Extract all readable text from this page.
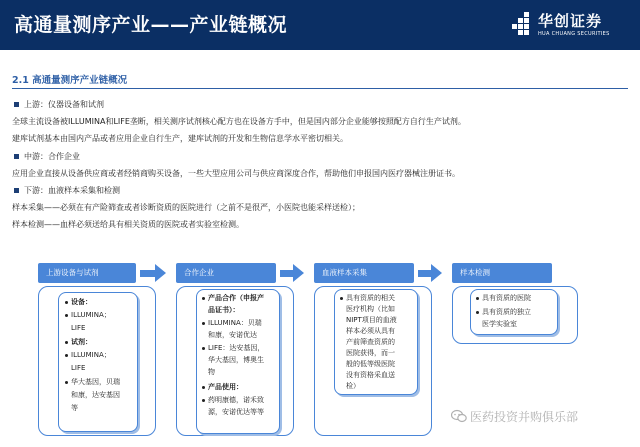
高通量测序产业——产业链概况	华创证券
HUA CHUANG SECURITIES
2.1 高通量测序产业链概况
上游：仪器设备和试剂
全球主流设备被ILLUMINA和LIFE垄断，相关测序试剂核心配方也在设备方手中，但是国内部分企业能够按照配方自行生产试剂。
建库试剂基本由国内产品或者应用企业自行生产，建库试剂的开发和生物信息学水平密切相关。
中游：合作企业
应用企业直接从设备供应商或者经销商购买设备，一些大型应用公司与供应商深度合作，帮助他们申报国内医疗器械注册证书。
下游：血液样本采集和检测
样本采集——必须在有产险筛查或者诊断资质的医院进行（之前不是很严，小医院也能采样送检）；
样本检测——血样必须送给具有相关资质的医院或者实验室检测。
上游设备与试剂
设备：
ILLUMINA；
LIFE
试剂：
ILLUMINA；
LIFE
华大基因，贝瑞
和康，达安基因
等
合作企业
产品合作（申报产
品证书）：
ILLUMINA：贝瑞
和康，安诺优达
LIFE：达安基因，
华大基因，博奥生
物
产品使用：
药明康德，诺禾致
源，安诺优达等等
血液样本采集
具有资质的相关
医疗机构（比如
NIPT项目的血液
样本必须从具有
产前筛查资质的
医院获得，而一
般的低等级医院
没有资格采血送
检）
样本检测
具有资质的医院
具有资质的独立
医学实验室
医药投资并购俱乐部
